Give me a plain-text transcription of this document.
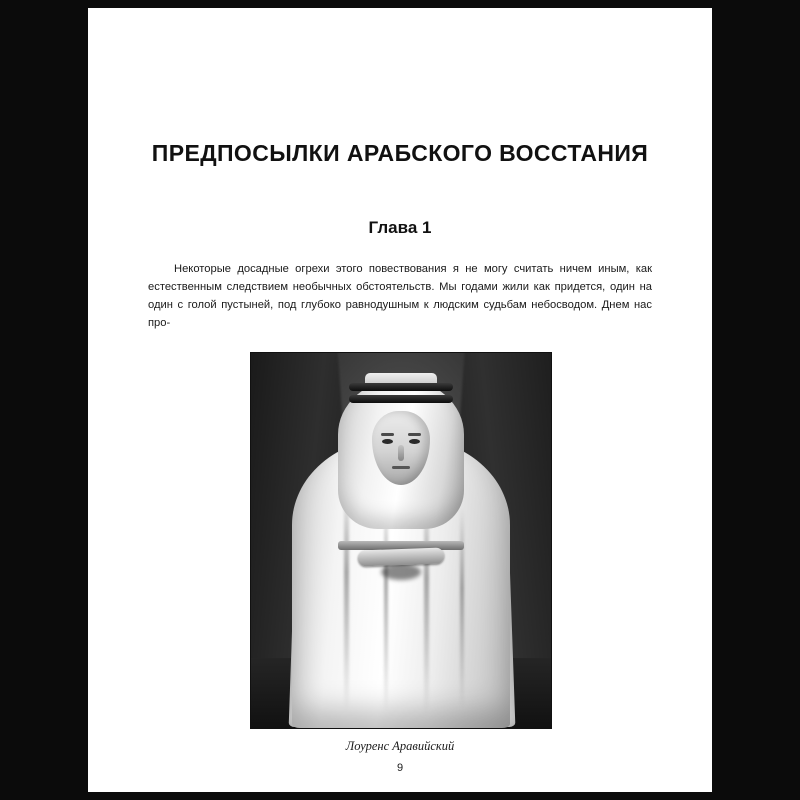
ПРЕДПОСЫЛКИ АРАБСКОГО ВОССТАНИЯ
Глава 1

Некоторые досадные огрехи этого повествования я не могу считать ничем иным, как естественным следствием необычных обстоятельств. Мы годами жили как придется, один на один с голой пустыней, под глубоко равнодушным к людским судьбам небосводом. Днем нас про-

Лоуренс Аравийский
9
